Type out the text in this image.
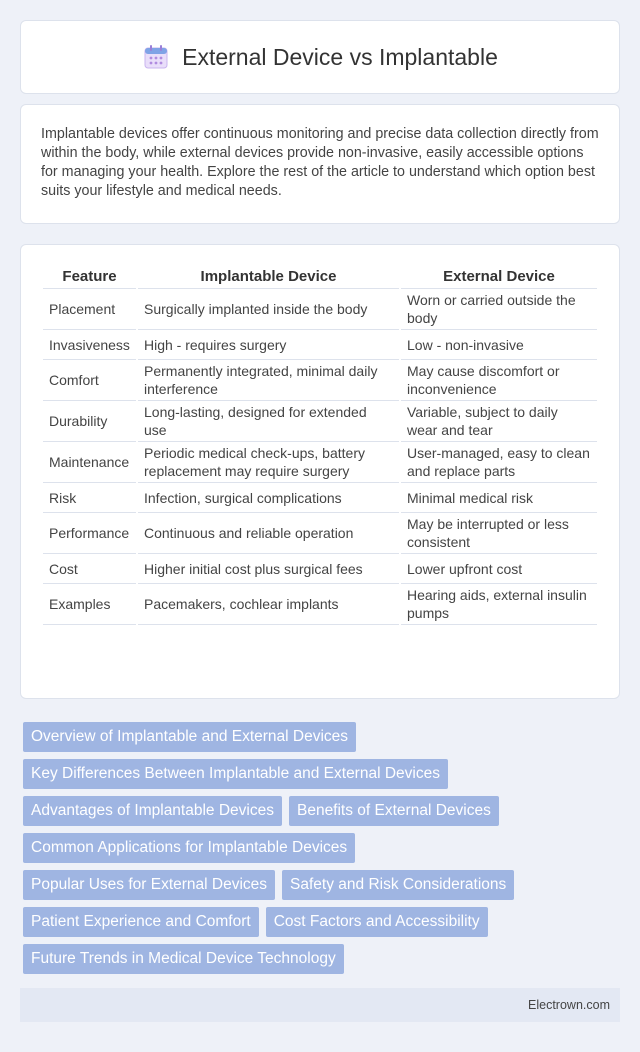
External Device vs Implantable

Implantable devices offer continuous monitoring and precise data collection directly from within the body, while external devices provide non-invasive, easily accessible options for managing your health. Explore the rest of the article to understand which option best suits your lifestyle and medical needs.

Feature	Implantable Device	External Device
Placement	Surgically implanted inside the body	Worn or carried outside the body
Invasiveness	High - requires surgery	Low - non-invasive
Comfort	Permanently integrated, minimal daily interference	May cause discomfort or inconvenience
Durability	Long-lasting, designed for extended use	Variable, subject to daily wear and tear
Maintenance	Periodic medical check-ups, battery replacement may require surgery	User-managed, easy to clean and replace parts
Risk	Infection, surgical complications	Minimal medical risk
Performance	Continuous and reliable operation	May be interrupted or less consistent
Cost	Higher initial cost plus surgical fees	Lower upfront cost
Examples	Pacemakers, cochlear implants	Hearing aids, external insulin pumps
Overview of Implantable and External Devices
Key Differences Between Implantable and External Devices
Advantages of Implantable Devices	Benefits of External Devices
Common Applications for Implantable Devices
Popular Uses for External Devices	Safety and Risk Considerations
Patient Experience and Comfort	Cost Factors and Accessibility
Future Trends in Medical Device Technology
Electrown.com
